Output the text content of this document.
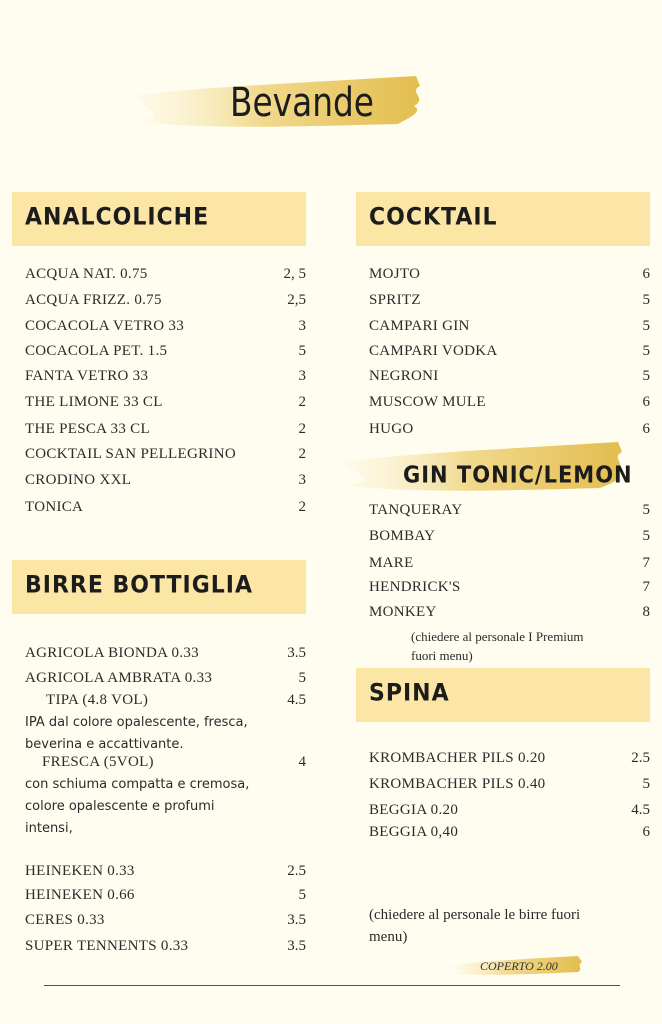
Bevande
ANALCOLICHE
ACQUA NAT. 0.75	2, 5
ACQUA FRIZZ. 0.75	2,5
COCACOLA VETRO 33	3
COCACOLA PET. 1.5	5
FANTA VETRO 33	3
THE LIMONE 33 CL	2
THE PESCA 33 CL	2
COCKTAIL SAN PELLEGRINO	2
CRODINO XXL	3
TONICA	2
BIRRE BOTTIGLIA
AGRICOLA BIONDA 0.33	3.5
AGRICOLA AMBRATA 0.33	5
TIPA (4.8 VOL)	4.5
IPA dal colore opalescente, fresca,
beverina e accattivante.
FRESCA (5VOL)	4
con schiuma compatta e cremosa,
colore opalescente e profumi
intensi,
HEINEKEN 0.33	2.5
HEINEKEN 0.66	5
CERES 0.33	3.5
SUPER TENNENTS 0.33	3.5
COCKTAIL
MOJTO	6
SPRITZ	5
CAMPARI GIN	5
CAMPARI VODKA	5
NEGRONI	5
MUSCOW MULE	6
HUGO	6
GIN TONIC/LEMON
TANQUERAY	5
BOMBAY	5
MARE	7
HENDRICK'S	7
MONKEY	8
(chiedere al personale I Premium
fuori menu)
SPINA
KROMBACHER PILS 0.20	2.5
KROMBACHER PILS 0.40	5
BEGGIA 0.20	4.5
BEGGIA 0,40	6
(chiedere al personale le birre fuori
menu)
COPERTO 2.00
